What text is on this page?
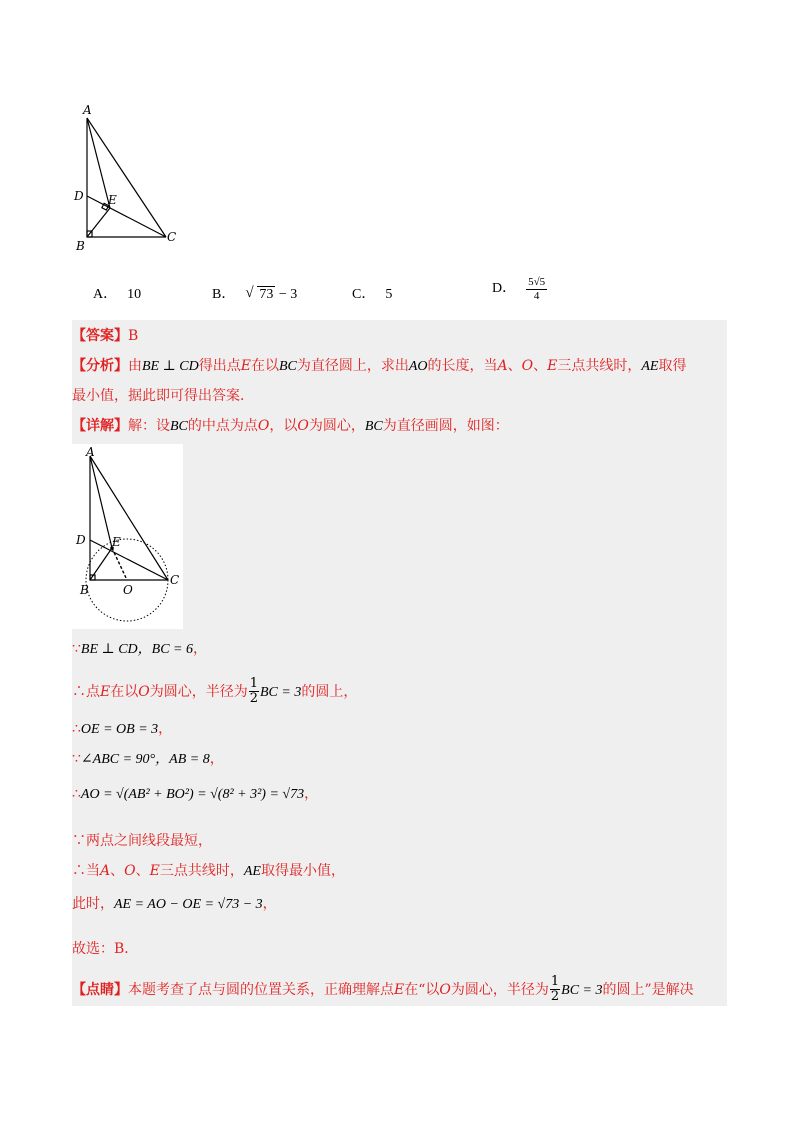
A
D E
B
C
A． 10	B．√ 73 − 3	C． 5	D． $\frac{5√5}{4}$
【答案】B
【分析】由BE ⊥ CD得出点E在以BC为直径圆上，求出AO的长度，当A、O、E三点共线时，AE取得
最小值，据此即可得出答案．
【详解】解：设BC的中点为点O，以O为圆心，BC为直径画圆，如图：
A
D E
B	O
C
∵BE ⊥ CD，BC = 6，
∴点E在以O为圆心，半径为 $\frac{1}{2}$ BC = 3的圆上，
∴OE = OB = 3，
∵∠ABC = 90°，AB = 8，
∴AO = √(AB² + BO²) = √(8² + 3²) = √73，
∵两点之间线段最短，
∴当A、O、E三点共线时，AE取得最小值，
此时，AE = AO − OE = √73 − 3，
故选：B．
【点睛】本题考查了点与圆的位置关系，正确理解点E在“以O为圆心，半径为 $\frac{1}{2}$ BC = 3的圆上”是解决
